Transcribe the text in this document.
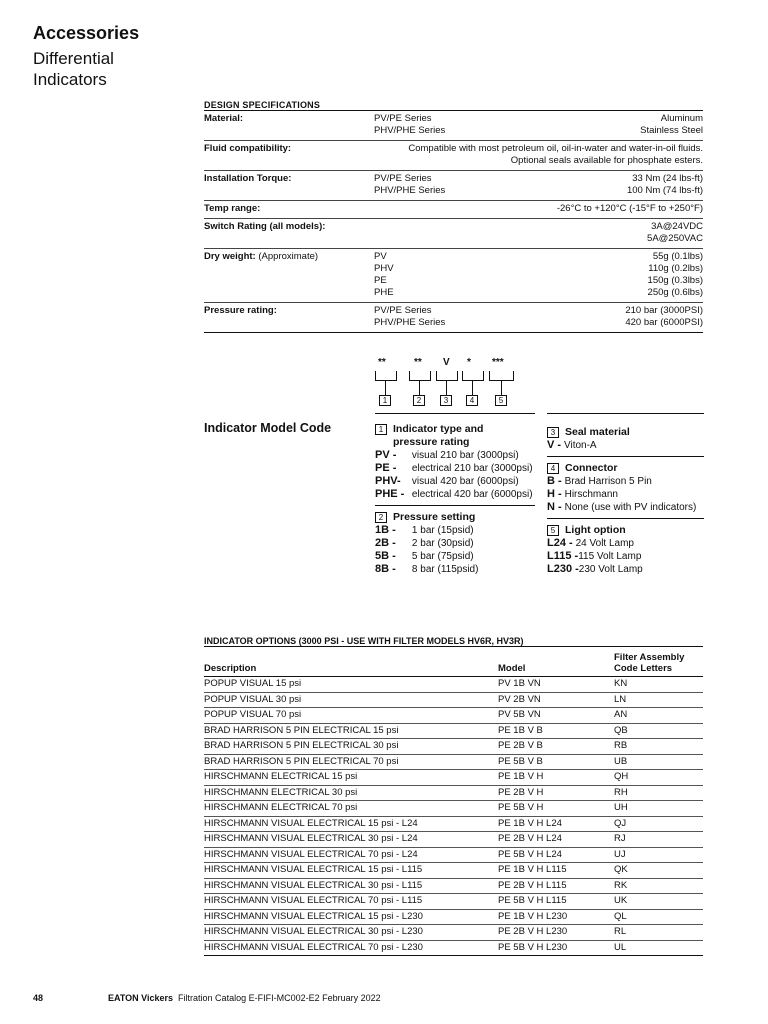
Accessories
Differential
Indicators
DESIGN SPECIFICATIONS
Material:	PV/PE Series	Aluminum
PHV/PHE Series	Stainless Steel
Fluid compatibility:	Compatible with most petroleum oil, oil-in-water and water-in-oil fluids.
Optional seals available for phosphate esters.
Installation Torque:	PV/PE Series	33 Nm (24 lbs-ft)
PHV/PHE Series	100 Nm (74 lbs-ft)
Temp range:	-26°C to +120°C (-15°F to +250°F)
Switch Rating (all models):	3A@24VDC
5A@250VAC
Dry weight: (Approximate)	PV	55g (0.1lbs)
PHV	110g (0.2lbs)
PE	150g (0.3lbs)
PHE	250g (0.6lbs)
Pressure rating:	PV/PE Series	210 bar (3000PSI)
PHV/PHE Series	420 bar (6000PSI)
**	** V * ***
1	2	3	4	5
Indicator Model Code	1 Indicator type and pressure rating
PV - visual 210 bar (3000psi)
PE - electrical 210 bar (3000psi)
PHV- visual 420 bar (6000psi)
PHE - electrical 420 bar (6000psi)
2 Pressure setting
1B - 1 bar (15psid)
2B - 2 bar (30psid)
5B - 5 bar (75psid)
8B - 8 bar (115psid)
3 Seal material
V - Viton-A
4 Connector
B - Brad Harrison 5 Pin
H - Hirschmann
N - None (use with PV indicators)
5 Light option
L24 - 24 Volt Lamp
L115 -115 Volt Lamp
L230 -230 Volt Lamp
INDICATOR OPTIONS (3000 PSI - USE WITH FILTER MODELS HV6R, HV3R)
Description	Model
Filter Assembly
Code Letters
POPUP VISUAL 15 psi	PV 1B VN	KN
POPUP VISUAL 30 psi	PV 2B VN	LN
POPUP VISUAL 70 psi	PV 5B VN	AN
BRAD HARRISON 5 PIN ELECTRICAL 15 psi	PE 1B V B	QB
BRAD HARRISON 5 PIN ELECTRICAL 30 psi	PE 2B V B	RB
BRAD HARRISON 5 PIN ELECTRICAL 70 psi	PE 5B V B	UB
HIRSCHMANN ELECTRICAL 15 psi	PE 1B V H	QH
HIRSCHMANN ELECTRICAL 30 psi	PE 2B V H	RH
HIRSCHMANN ELECTRICAL 70 psi	PE 5B V H	UH
HIRSCHMANN VISUAL ELECTRICAL 15 psi - L24	PE 1B V H L24	QJ
HIRSCHMANN VISUAL ELECTRICAL 30 psi - L24	PE 2B V H L24	RJ
HIRSCHMANN VISUAL ELECTRICAL 70 psi - L24	PE 5B V H L24	UJ
HIRSCHMANN VISUAL ELECTRICAL 15 psi - L115	PE 1B V H L115	QK
HIRSCHMANN VISUAL ELECTRICAL 30 psi - L115	PE 2B V H L115	RK
HIRSCHMANN VISUAL ELECTRICAL 70 psi - L115	PE 5B V H L115	UK
HIRSCHMANN VISUAL ELECTRICAL 15 psi - L230	PE 1B V H L230	QL
HIRSCHMANN VISUAL ELECTRICAL 30 psi - L230	PE 2B V H L230	RL
HIRSCHMANN VISUAL ELECTRICAL 70 psi - L230	PE 5B V H L230	UL
48	EATON Vickers Filtration Catalog
E-FIFI-MC002-E2
February 2022
